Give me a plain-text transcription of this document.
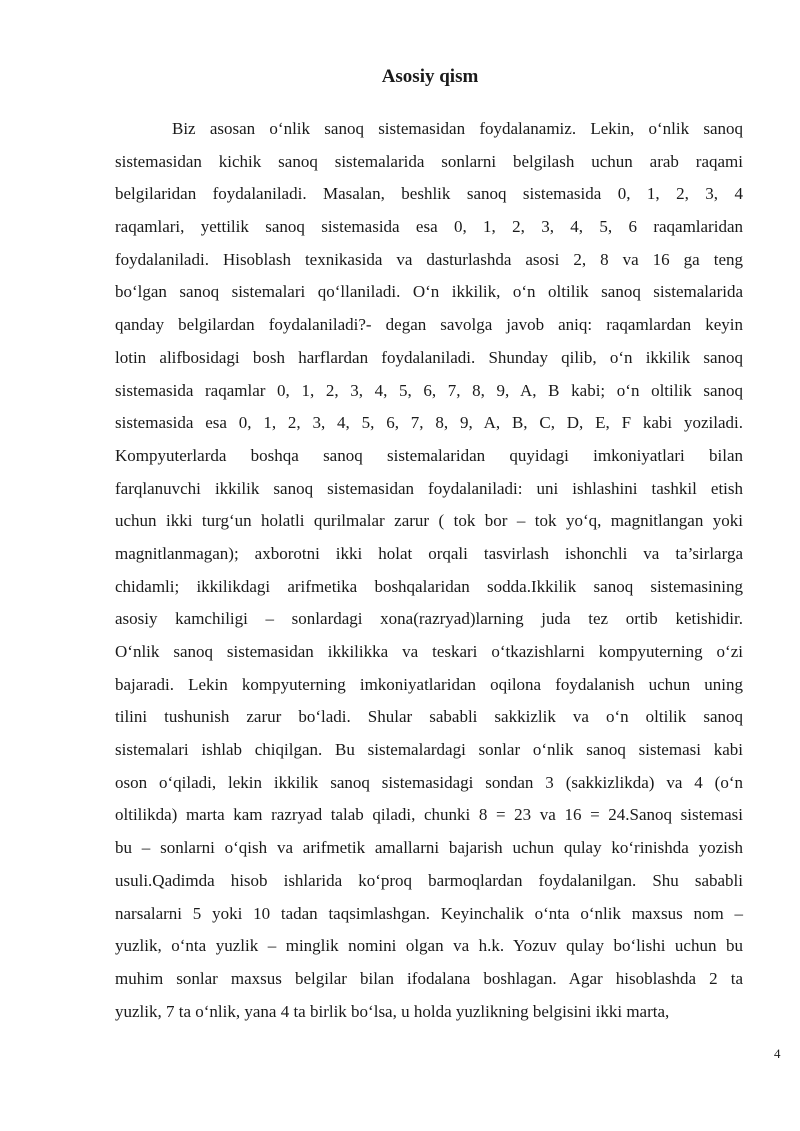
Asosiy qism
Biz asosan o‘nlik sanoq sistemasidan foydalanamiz. Lekin, o‘nlik sanoq
sistemasidan kichik sanoq sistemalarida sonlarni belgilash uchun arab raqami
belgilaridan foydalaniladi. Masalan, beshlik sanoq sistemasida 0, 1, 2, 3, 4
raqamlari, yettilik sanoq sistemasida esa 0, 1, 2, 3, 4, 5, 6 raqamlaridan
foydalaniladi. Hisoblash texnikasida va dasturlashda asosi 2, 8 va 16 ga teng
bo‘lgan sanoq sistemalari qo‘llaniladi. O‘n ikkilik, o‘n oltilik sanoq sistemalarida
qanday belgilardan foydalaniladi?- degan savolga javob aniq: raqamlardan keyin
lotin alifbosidagi bosh harflardan foydalaniladi. Shunday qilib, o‘n ikkilik sanoq
sistemasida raqamlar 0, 1, 2, 3, 4, 5, 6, 7, 8, 9, A, B kabi; o‘n oltilik sanoq
sistemasida esa 0, 1, 2, 3, 4, 5, 6, 7, 8, 9, A, B, C, D, E, F kabi yoziladi.
Kompyuterlarda boshqa sanoq sistemalaridan quyidagi imkoniyatlari bilan
farqlanuvchi ikkilik sanoq sistemasidan foydalaniladi: uni ishlashini tashkil etish
uchun ikki turg‘un holatli qurilmalar zarur ( tok bor – tok yo‘q, magnitlangan yoki
magnitlanmagan); axborotni ikki holat orqali tasvirlash ishonchli va ta’sirlarga
chidamli; ikkilikdagi arifmetika boshqalaridan sodda.Ikkilik sanoq sistemasining
asosiy kamchiligi – sonlardagi xona(razryad)larning juda tez ortib ketishidir.
O‘nlik sanoq sistemasidan ikkilikka va teskari o‘tkazishlarni kompyuterning o‘zi
bajaradi. Lekin kompyuterning imkoniyatlaridan oqilona foydalanish uchun uning
tilini tushunish zarur bo‘ladi. Shular sababli sakkizlik va o‘n oltilik sanoq
sistemalari ishlab chiqilgan. Bu sistemalardagi sonlar o‘nlik sanoq sistemasi kabi
oson o‘qiladi, lekin ikkilik sanoq sistemasidagi sondan 3 (sakkizlikda) va 4 (o‘n
oltilikda) marta kam razryad talab qiladi, chunki 8 = 23 va 16 = 24.Sanoq sistemasi
bu – sonlarni o‘qish va arifmetik amallarni bajarish uchun qulay ko‘rinishda yozish
usuli.Qadimda hisob ishlarida ko‘proq barmoqlardan foydalanilgan. Shu sababli
narsalarni 5 yoki 10 tadan taqsimlashgan. Keyinchalik o‘nta o‘nlik maxsus nom –
yuzlik, o‘nta yuzlik – minglik nomini olgan va h.k. Yozuv qulay bo‘lishi uchun bu
muhim sonlar maxsus belgilar bilan ifodalana boshlagan. Agar hisoblashda 2 ta
yuzlik, 7 ta o‘nlik, yana 4 ta birlik bo‘lsa, u holda yuzlikning belgisini ikki marta,
4
